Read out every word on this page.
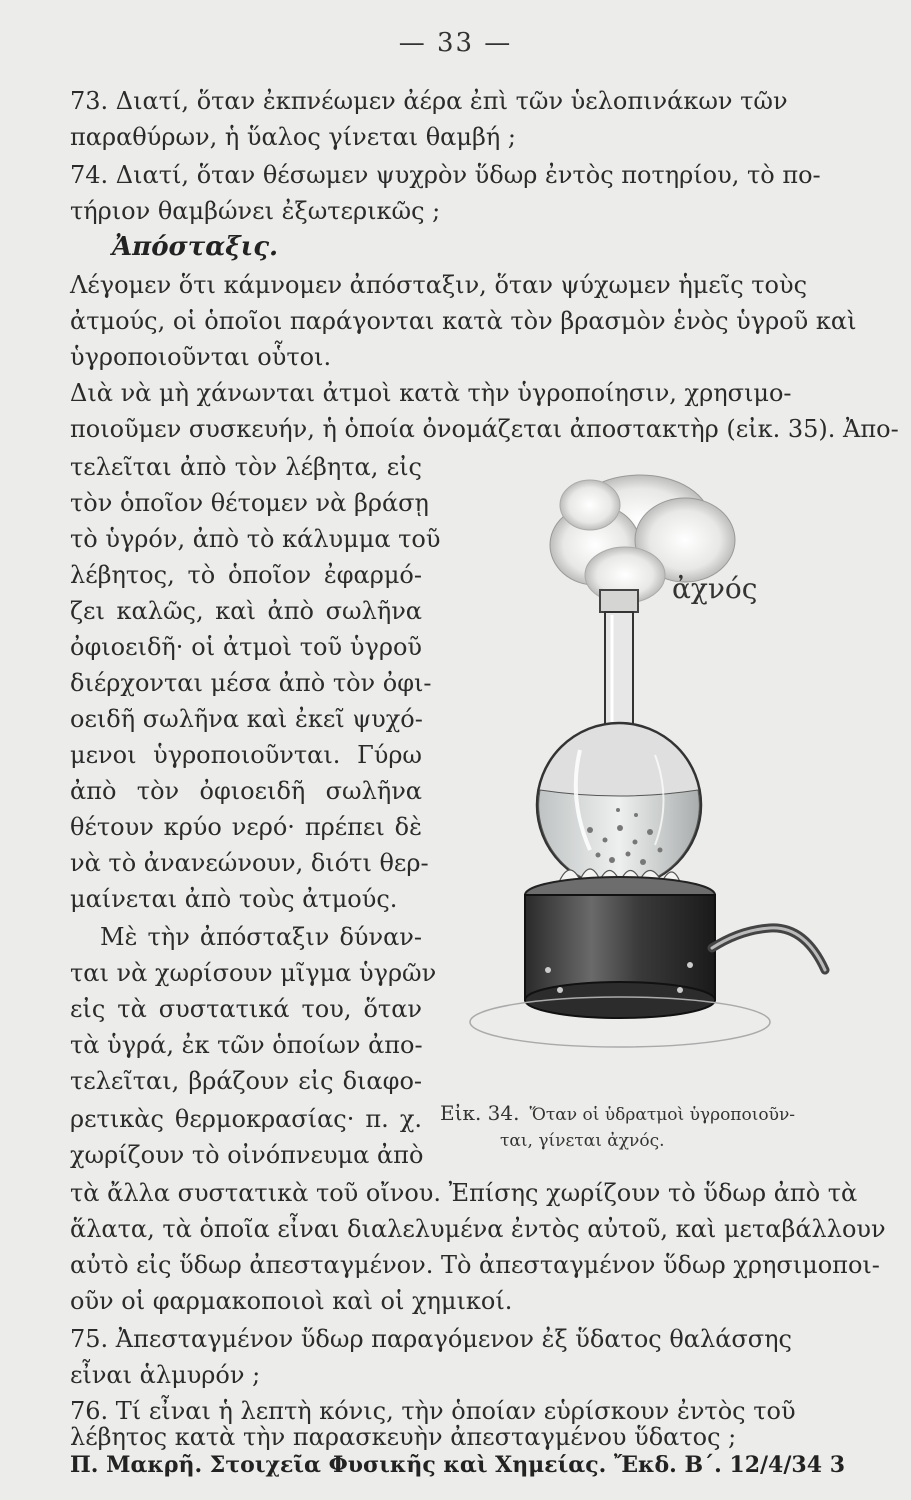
— 33 —
73. Διατί, ὅταν ἐκπνέωμεν ἀέρα ἐπὶ τῶν ὑελοπινάκων τῶν
παραθύρων, ἡ ὕαλος γίνεται θαμβή ;
74. Διατί, ὅταν θέσωμεν ψυχρὸν ὕδωρ ἐντὸς ποτηρίου, τὸ πο-
τήριον θαμβώνει ἐξωτερικῶς ;
Ἀπόσταξις.
Λέγομεν ὅτι κάμνομεν ἀπόσταξιν, ὅταν ψύχωμεν ἡμεῖς τοὺς
ἀτμούς, οἱ ὁποῖοι παράγονται κατὰ τὸν βρασμὸν ἑνὸς ὑγροῦ καὶ
ὑγροποιοῦνται οὗτοι.
Διὰ νὰ μὴ χάνωνται ἀτμοὶ κατὰ τὴν ὑγροποίησιν, χρησιμο-
ποιοῦμεν συσκευήν, ἡ ὁποία ὀνομάζεται ἀποστακτὴρ (εἰκ. 35). Ἀπο-
τελεῖται ἀπὸ τὸν λέβητα, εἰς
τὸν ὁποῖον θέτομεν νὰ βράσῃ
τὸ ὑγρόν, ἀπὸ τὸ κάλυμμα τοῦ
λέβητος, τὸ ὁποῖον ἐφαρμό-
ζει καλῶς, καὶ ἀπὸ σωλῆνα
ὀφιοειδῆ· οἱ ἀτμοὶ τοῦ ὑγροῦ
διέρχονται μέσα ἀπὸ τὸν ὀφι-
οειδῆ σωλῆνα καὶ ἐκεῖ ψυχό-
μενοι ὑγροποιοῦνται. Γύρω
ἀπὸ τὸν ὀφιοειδῆ σωλῆνα
θέτουν κρύο νερό· πρέπει δὲ
νὰ τὸ ἀνανεώνουν, διότι θερ-
μαίνεται ἀπὸ τοὺς ἀτμούς.
Μὲ τὴν ἀπόσταξιν δύναν-
ται νὰ χωρίσουν μῖγμα ὑγρῶν
εἰς τὰ συστατικά του, ὅταν
τὰ ὑγρά, ἐκ τῶν ὁποίων ἀπο-
τελεῖται, βράζουν εἰς διαφο-
ρετικὰς θερμοκρασίας· π. χ.
χωρίζουν τὸ οἰνόπνευμα ἀπὸ
ἀχνός
Εἰκ. 34. Ὅταν οἱ ὑδρατμοὶ ὑγροποιοῦν-
ται, γίνεται ἀχνός.
τὰ ἄλλα συστατικὰ τοῦ οἴνου. Ἐπίσης χωρίζουν τὸ ὕδωρ ἀπὸ τὰ
ἅλατα, τὰ ὁποῖα εἶναι διαλελυμένα ἐντὸς αὐτοῦ, καὶ μεταβάλλουν
αὐτὸ εἰς ὕδωρ ἀπεσταγμένον. Τὸ ἀπεσταγμένον ὕδωρ χρησιμοποι-
οῦν οἱ φαρμακοποιοὶ καὶ οἱ χημικοί.
75. Ἀπεσταγμένον ὕδωρ παραγόμενον ἐξ ὕδατος θαλάσσης
εἶναι ἁλμυρόν ;
76. Τί εἶναι ἡ λεπτὴ κόνις, τὴν ὁποίαν εὑρίσκουν ἐντὸς τοῦ
λέβητος κατὰ τὴν παρασκευὴν ἀπεσταγμένου ὕδατος ;
Π. Μακρῆ. Στοιχεῖα Φυσικῆς καὶ Χημείας. Ἔκδ. Β΄. 12/4/34 3
